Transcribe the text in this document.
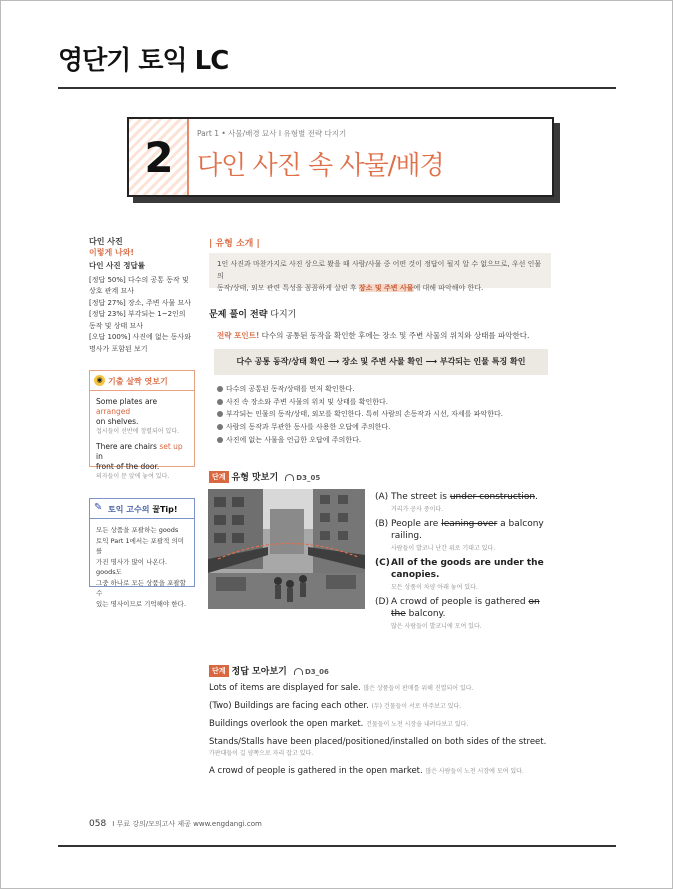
영단기 토익 LC
2	Part 1 • 사물/배경 묘사 I 유형별 전략 다지기
다인 사진 속 사물/배경
다인 사진
이렇게 나와!
다인 사진 정답률
[정답 50%] 다수의 공통 동작 및
상호 관계 묘사
[정답 27%] 장소, 주변 사물 묘사
[정답 23%] 부각되는 1~2인의
동작 및 상태 묘사
[오답 100%] 사진에 없는 동사와
명사가 포함된 보기
◉ 기출 살짝 엿보기
Some plates are arranged
on shelves.
접시들이 선반에 정렬되어 있다.
There are chairs set up in
front of the door.
의자들이 문 앞에 놓여 있다.
✎ 토익 고수의 꿀Tip!
모든 상품을 포괄하는 goods
토익 Part 1에서는 포괄적 의미를
가진 명사가 많이 나온다. goods도
그중 하나로 모든 상품을 포괄할 수
있는 명사이므로 기억해야 한다.
| 유형 소개 |
1인 사진과 마찬가지로 사진 상으로 봤을 때 사람/사물 중 어떤 것이 정답이 될지 알 수 없으므로, 우선 인물의
동작/상태, 외모 관련 특성을 꼼꼼하게 살핀 후 장소 및 주변 사물에 대해 파악해야 한다.
문제 풀이 전략 다지기
전략 포인트! 다수의 공통된 동작을 확인한 후에는 장소 및 주변 사물의 위치와 상태를 파악한다.
다수 공통 동작/상태 확인 ⟶ 장소 및 주변 사물 확인 ⟶ 부각되는 인물 특징 확인
다수의 공통된 동작/상태를 먼저 확인한다.
사진 속 장소와 주변 사물의 위치 및 상태를 확인한다.
부각되는 인물의 동작/상태, 외모를 확인한다. 특히 사람의 손동작과 시선, 자세를 파악한다.
사람의 동작과 무관한 동사를 사용한 오답에 주의한다.
사진에 없는 사물을 언급한 오답에 주의한다.
단계 유형 맛보기	D3_05
(A) The street is under construction.
거리가 공사 중이다.
(B) People are leaning over a balcony railing.
사람들이 발코니 난간 위로 기대고 있다.
(C) All of the goods are under the canopies.
모든 상품이 차양 아래 놓여 있다.
(D) A crowd of people is gathered on the balcony.
많은 사람들이 발코니에 모여 있다.
단계 정답 모아보기	D3_06
Lots of items are displayed for sale. 많은 상품들이 판매를 위해 진열되어 있다.
(Two) Buildings are facing each other. (두) 건물들이 서로 마주보고 있다.
Buildings overlook the open market. 건물들이 노천 시장을 내려다보고 있다.
Stands/Stalls have been placed/positioned/installed on both sides of the street.
가판대들이 길 양쪽으로 자리 잡고 있다.
A crowd of people is gathered in the open market. 많은 사람들이 노천 시장에 모여 있다.
058 I 무료 강의/모의고사 제공 www.engdangi.com
